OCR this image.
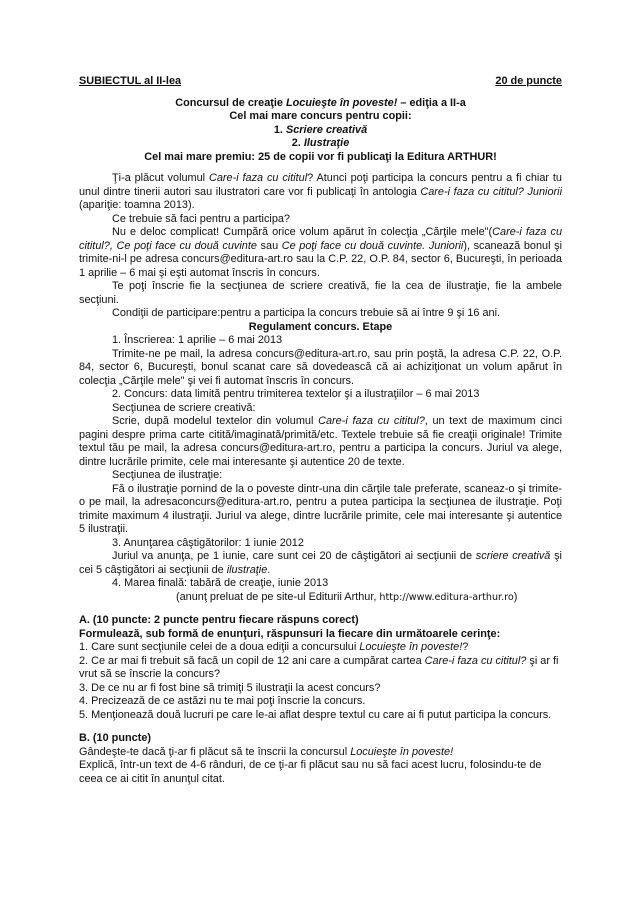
SUBIECTUL al II-lea	20 de puncte
Concursul de creaţie Locuieşte în poveste! – ediţia a II-a
Cel mai mare concurs pentru copii:
1. Scriere creativă
2. Ilustraţie
Cel mai mare premiu: 25 de copii vor fi publicaţi la Editura ARTHUR!

Ţi-a plăcut volumul Care-i faza cu cititul? Atunci poţi participa la concurs pentru a fi chiar tu unul dintre tinerii autori sau ilustratori care vor fi publicaţi în antologia Care-i faza cu cititul? Juniorii (apariţie: toamna 2013).

Ce trebuie să faci pentru a participa?

Nu e deloc complicat! Cumpără orice volum apărut în colecţia „Cărţile mele"(Care-i faza cu cititul?, Ce poţi face cu două cuvinte sau Ce poţi face cu două cuvinte. Juniorii), scanează bonul şi trimite-ni-l pe adresa concurs@editura-art.ro sau la C.P. 22, O.P. 84, sector 6, Bucureşti, în perioada 1 aprilie – 6 mai şi eşti automat înscris în concurs.

Te poţi înscrie fie la secţiunea de scriere creativă, fie la cea de ilustraţie, fie la ambele secţiuni.

Condiţii de participare:pentru a participa la concurs trebuie să ai între 9 şi 16 ani.

Regulament concurs. Etape

1. Înscrierea: 1 aprilie – 6 mai 2013

Trimite-ne pe mail, la adresa concurs@editura-art.ro, sau prin poştă, la adresa C.P. 22, O.P. 84, sector 6, Bucureşti, bonul scanat care să dovedească că ai achiziţionat un volum apărut în colecţia „Cărţile mele" şi vei fi automat înscris în concurs.

2. Concurs: data limită pentru trimiterea textelor şi a ilustraţiilor – 6 mai 2013

Secţiunea de scriere creativă:

Scrie, după modelul textelor din volumul Care-i faza cu cititul?, un text de maximum cinci pagini despre prima carte citită/imaginată/primită/etc. Textele trebuie să fie creaţii originale! Trimite textul tău pe mail, la adresa concurs@editura-art.ro, pentru a participa la concurs. Juriul va alege, dintre lucrările primite, cele mai interesante şi autentice 20 de texte.

Secţiunea de ilustraţie:

Fă o ilustraţie pornind de la o poveste dintr-una din cărţile tale preferate, scaneaz-o şi trimite-o pe mail, la adresaconcurs@editura-art.ro, pentru a putea participa la secţiunea de ilustraţie. Poţi trimite maximum 4 ilustraţii. Juriul va alege, dintre lucrările primite, cele mai interesante şi autentice 5 ilustraţii.

3. Anunţarea câştigătorilor: 1 iunie 2012

Juriul va anunţa, pe 1 iunie, care sunt cei 20 de câştigători ai secţiunii de scriere creativă şi cei 5 câştigători ai secţiunii de ilustraţie.

4. Marea finală: tabără de creaţie, iunie 2013

(anunţ preluat de pe site-ul Editurii Arthur, http://www.editura-arthur.ro)

A. (10 puncte: 2 puncte pentru fiecare răspuns corect)

Formulează, sub formă de enunţuri, răspunsuri la fiecare din următoarele cerinţe:

1. Care sunt secţiunile celei de a doua ediţii a concursului Locuieşte în poveste!?

2. Ce ar mai fi trebuit să facă un copil de 12 ani care a cumpărat cartea Care-i faza cu cititul? şi ar fi vrut să se înscrie la concurs?

3. De ce nu ar fi fost bine să trimiţi 5 ilustraţii la acest concurs?

4. Precizează de ce astăzi nu te mai poţi înscrie la concurs.

5. Menţionează două lucruri pe care le-ai aflat despre textul cu care ai fi putut participa la concurs.

B. (10 puncte)

Gândeşte-te dacă ţi-ar fi plăcut să te înscrii la concursul Locuieşte în poveste!

Explică, într-un text de 4-6 rânduri, de ce ţi-ar fi plăcut sau nu să faci acest lucru, folosindu-te de ceea ce ai citit în anunţul citat.
